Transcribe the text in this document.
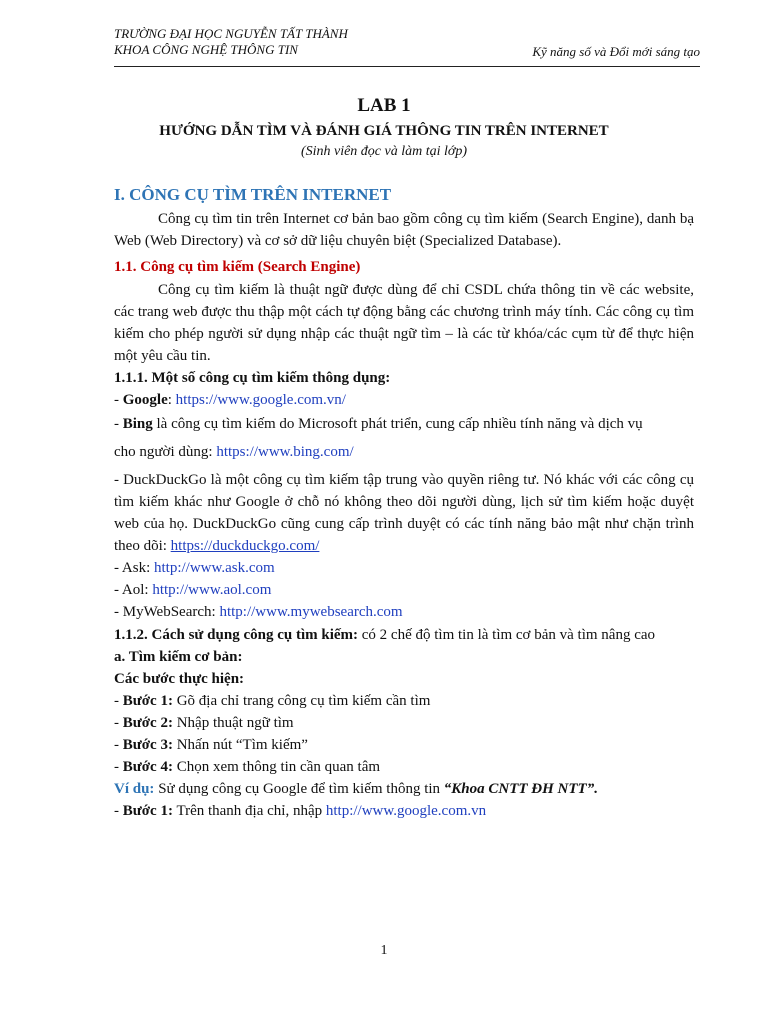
TRƯỜNG ĐẠI HỌC NGUYỄN TẤT THÀNH
KHOA CÔNG NGHỆ THÔNG TIN	Kỹ năng số và Đổi mới sáng tạo
LAB 1
HƯỚNG DẪN TÌM VÀ ĐÁNH GIÁ THÔNG TIN TRÊN INTERNET
(Sinh viên đọc và làm tại lớp)
I. CÔNG CỤ TÌM TRÊN INTERNET

Công cụ tìm tin trên Internet cơ bản bao gồm công cụ tìm kiếm (Search Engine), danh bạ Web (Web Directory) và cơ sở dữ liệu chuyên biệt (Specialized Database).

1.1. Công cụ tìm kiếm (Search Engine)

Công cụ tìm kiếm là thuật ngữ được dùng để chỉ CSDL chứa thông tin về các website, các trang web được thu thập một cách tự động bằng các chương trình máy tính. Các công cụ tìm kiếm cho phép người sử dụng nhập các thuật ngữ tìm – là các từ khóa/các cụm từ để thực hiện một yêu cầu tin.

1.1.1. Một số công cụ tìm kiếm thông dụng:
- Google: https://www.google.com.vn/
- Bing là công cụ tìm kiếm do Microsoft phát triển, cung cấp nhiều tính năng và dịch vụ
cho người dùng: https://www.bing.com/

- DuckDuckGo là một công cụ tìm kiếm tập trung vào quyền riêng tư. Nó khác với các công cụ tìm kiếm khác như Google ở chỗ nó không theo dõi người dùng, lịch sử tìm kiếm hoặc duyệt web của họ. DuckDuckGo cũng cung cấp trình duyệt có các tính năng bảo mật như chặn trình theo dõi: https://duckduckgo.com/

- Ask: http://www.ask.com
- Aol: http://www.aol.com
- MyWebSearch: http://www.mywebsearch.com

1.1.2. Cách sử dụng công cụ tìm kiếm: có 2 chế độ tìm tin là tìm cơ bản và tìm nâng cao

a. Tìm kiếm cơ bản:
Các bước thực hiện:
- Bước 1: Gõ địa chỉ trang công cụ tìm kiếm cần tìm
- Bước 2: Nhập thuật ngữ tìm
- Bước 3: Nhấn nút “Tìm kiếm”
- Bước 4: Chọn xem thông tin cần quan tâm
Ví dụ: Sử dụng công cụ Google để tìm kiếm thông tin “Khoa CNTT ĐH NTT”.
- Bước 1: Trên thanh địa chỉ, nhập http://www.google.com.vn
1
